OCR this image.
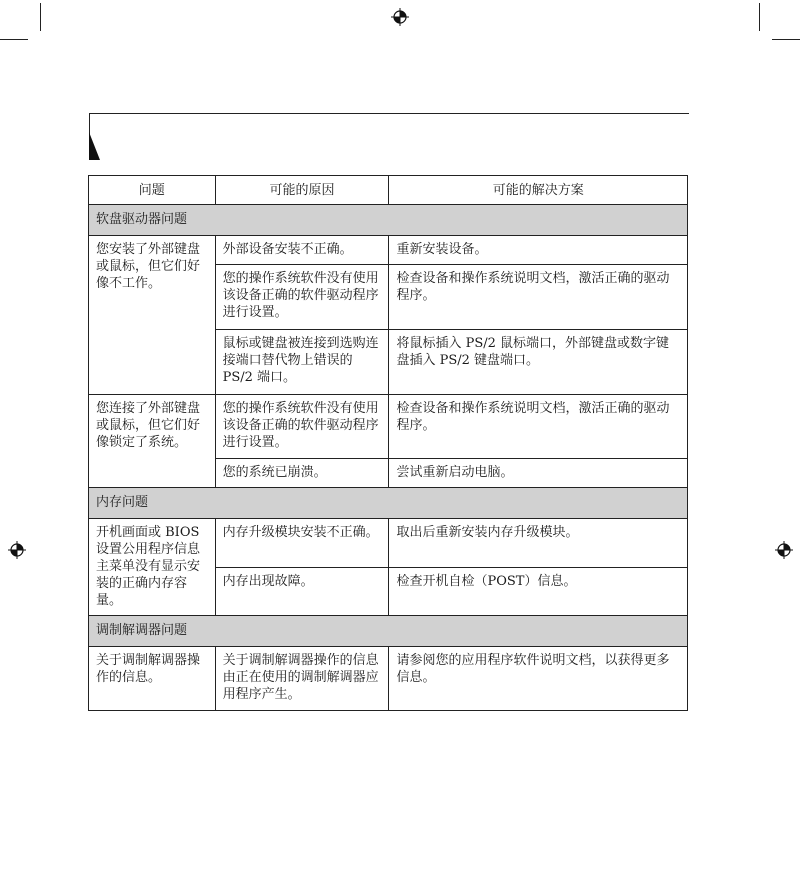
问题	可能的原因	可能的解决方案
软盘驱动器问题		
您安装了外部键盘或鼠标，但它们好像不工作。	外部设备安装不正确。	重新安装设备。
	您的操作系统软件没有使用该设备正确的软件驱动程序进行设置。	检查设备和操作系统说明文档，激活正确的驱动程序。
	鼠标或键盘被连接到选购连接端口替代物上错误的 PS/2 端口。	将鼠标插入 PS/2 鼠标端口，外部键盘或数字键盘插入 PS/2 键盘端口。
您连接了外部键盘或鼠标，但它们好像锁定了系统。	您的操作系统软件没有使用该设备正确的软件驱动程序进行设置。	检查设备和操作系统说明文档，激活正确的驱动程序。
	您的系统已崩溃。	尝试重新启动电脑。
内存问题		
开机画面或 BIOS 设置公用程序信息主菜单没有显示安装的正确内存容量。	内存升级模块安装不正确。	取出后重新安装内存升级模块。
	内存出现故障。	检查开机自检（POST）信息。
调制解调器问题		
关于调制解调器操作的信息。	关于调制解调器操作的信息由正在使用的调制解调器应用程序产生。	请参阅您的应用程序软件说明文档，以获得更多信息。
